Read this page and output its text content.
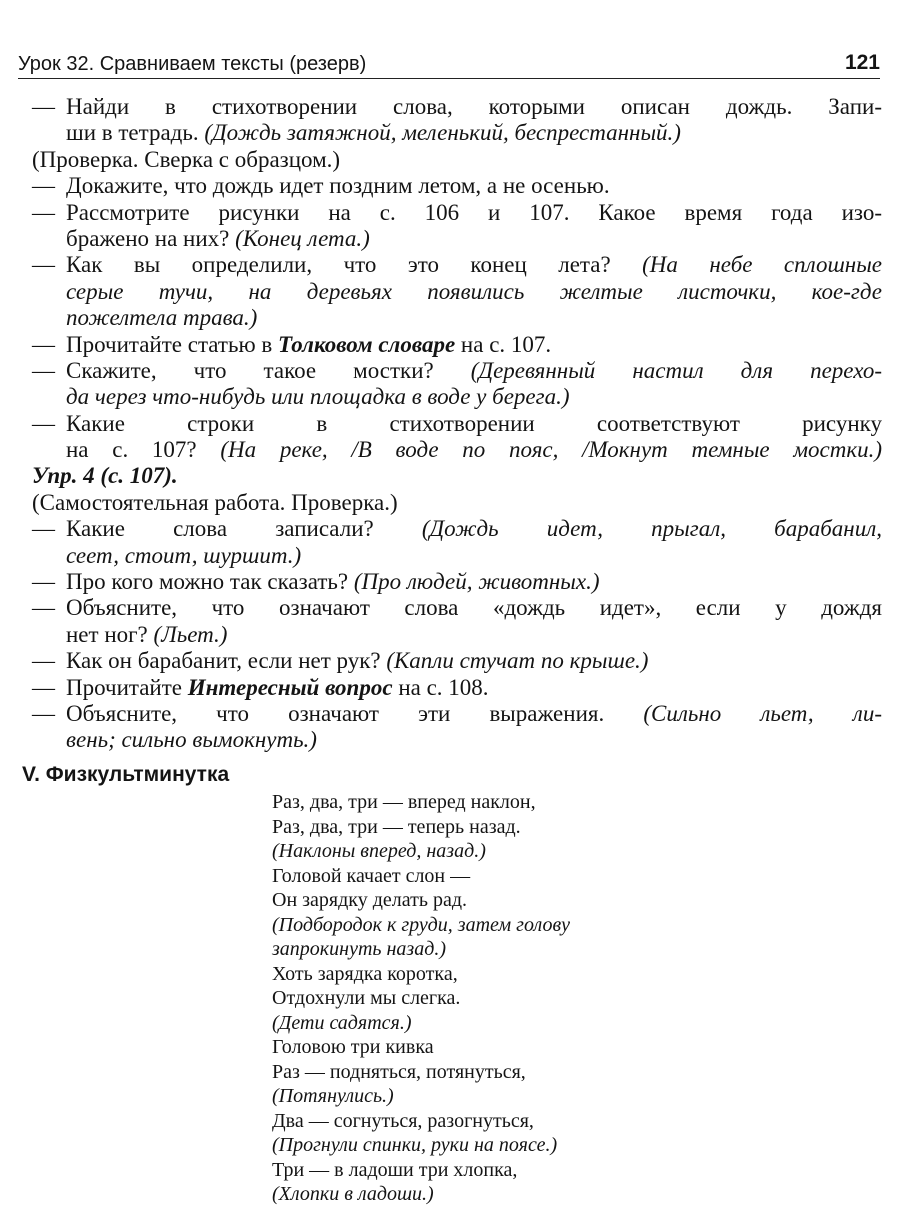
Урок 32. Сравниваем тексты (резерв)	121
— Найди в стихотворении слова, которыми описан дождь. Запи-
ши в тетрадь. (Дождь затяжной, меленький, беспрестанный.)
(Проверка. Сверка с образцом.)
— Докажите, что дождь идет поздним летом, а не осенью.
— Рассмотрите рисунки на с. 106 и 107. Какое время года изо-
бражено на них? (Конец лета.)
— Как вы определили, что это конец лета? (На небе сплошные
серые тучи, на деревьях появились желтые листочки, кое-где
пожелтела трава.)
— Прочитайте статью в Толковом словаре на с. 107.
— Скажите, что такое мостки? (Деревянный настил для перехо-
да через что-нибудь или площадка в воде у берега.)
— Какие строки в стихотворении соответствуют рисунку
на с. 107? (На реке, /В воде по пояс, /Мокнут темные мостки.)
Упр. 4 (с. 107).
(Самостоятельная работа. Проверка.)
— Какие слова записали? (Дождь идет, прыгал, барабанил,
сеет, стоит, шуршит.)
— Про кого можно так сказать? (Про людей, животных.)
— Объясните, что означают слова «дождь идет», если у дождя
нет ног? (Льет.)
— Как он барабанит, если нет рук? (Капли стучат по крыше.)
— Прочитайте Интересный вопрос на с. 108.
— Объясните, что означают эти выражения. (Сильно льет, ли-
вень; сильно вымокнуть.)
V. Физкультминутка
Раз, два, три — вперед наклон,
Раз, два, три — теперь назад.
(Наклоны вперед, назад.)
Головой качает слон —
Он зарядку делать рад.
(Подбородок к груди, затем голову
запрокинуть назад.)
Хоть зарядка коротка,
Отдохнули мы слегка.
(Дети садятся.)
Головою три кивка
Раз — подняться, потянуться,
(Потянулись.)
Два — согнуться, разогнуться,
(Прогнули спинки, руки на поясе.)
Три — в ладоши три хлопка,
(Хлопки в ладоши.)
